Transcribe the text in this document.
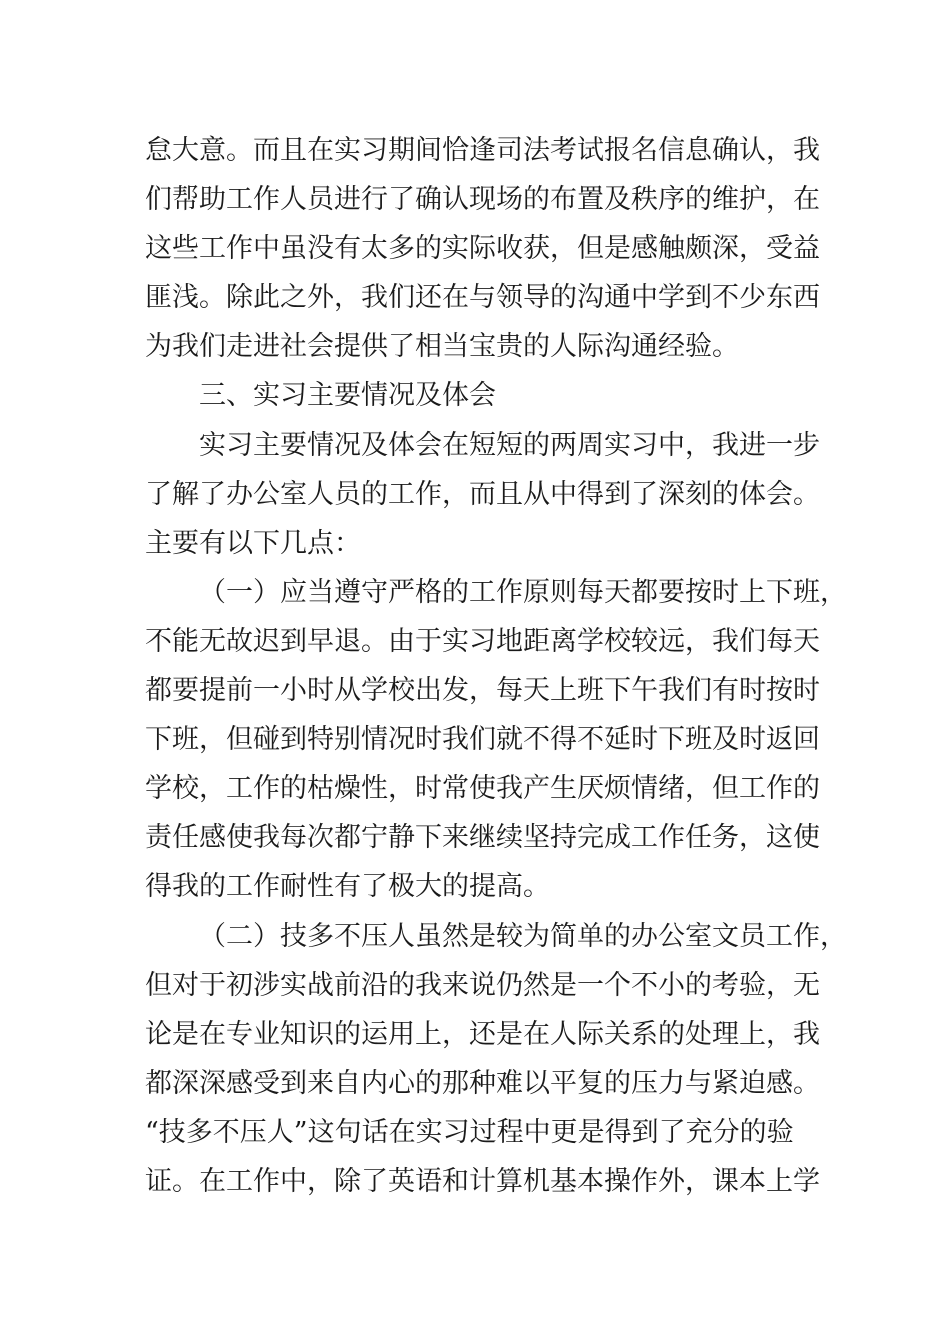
怠大意。而且在实习期间恰逢司法考试报名信息确认，我
们帮助工作人员进行了确认现场的布置及秩序的维护，在
这些工作中虽没有太多的实际收获，但是感触颇深，受益
匪浅。除此之外，我们还在与领导的沟通中学到不少东西
为我们走进社会提供了相当宝贵的人际沟通经验。
三、实习主要情况及体会
实习主要情况及体会在短短的两周实习中，我进一步
了解了办公室人员的工作，而且从中得到了深刻的体会。
主要有以下几点：
（一）应当遵守严格的工作原则每天都要按时上下班，
不能无故迟到早退。由于实习地距离学校较远，我们每天
都要提前一小时从学校出发，每天上班下午我们有时按时
下班，但碰到特别情况时我们就不得不延时下班及时返回
学校，工作的枯燥性，时常使我产生厌烦情绪，但工作的
责任感使我每次都宁静下来继续坚持完成工作任务，这使
得我的工作耐性有了极大的提高。
（二）技多不压人虽然是较为简单的办公室文员工作，
但对于初涉实战前沿的我来说仍然是一个不小的考验，无
论是在专业知识的运用上，还是在人际关系的处理上，我
都深深感受到来自内心的那种难以平复的压力与紧迫感。
“技多不压人”这句话在实习过程中更是得到了充分的验
证。在工作中，除了英语和计算机基本操作外，课本上学
